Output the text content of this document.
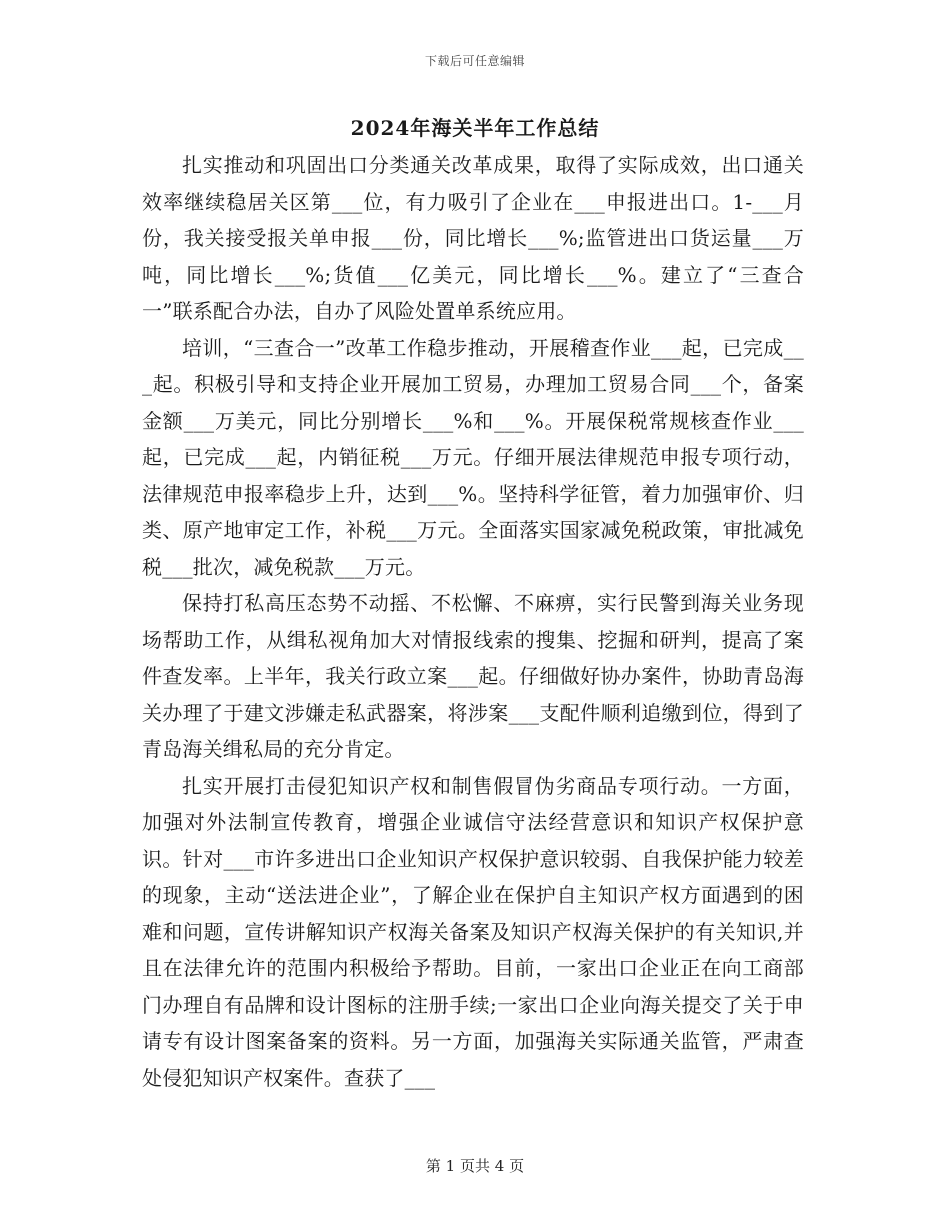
下载后可任意编辑
2024年海关半年工作总结

扎实推动和巩固出口分类通关改革成果，取得了实际成效，出口通关效率继续稳居关区第___位，有力吸引了企业在___申报进出口。1-___月份，我关接受报关单申报___份，同比增长___%;监管进出口货运量___万吨，同比增长___%;货值___亿美元，同比增长___%。建立了“三查合一”联系配合办法，自办了风险处置单系统应用。

培训，“三查合一”改革工作稳步推动，开展稽查作业___起，已完成___起。积极引导和支持企业开展加工贸易，办理加工贸易合同___个，备案金额___万美元，同比分别增长___%和___%。开展保税常规核查作业___起，已完成___起，内销征税___万元。仔细开展法律规范申报专项行动，法律规范申报率稳步上升，达到___%。坚持科学征管，着力加强审价、归类、原产地审定工作，补税___万元。全面落实国家减免税政策，审批减免税___批次，减免税款___万元。

保持打私高压态势不动摇、不松懈、不麻痹，实行民警到海关业务现场帮助工作，从缉私视角加大对情报线索的搜集、挖掘和研判，提高了案件查发率。上半年，我关行政立案___起。仔细做好协办案件，协助青岛海关办理了于建文涉嫌走私武器案，将涉案___支配件顺利追缴到位，得到了青岛海关缉私局的充分肯定。

扎实开展打击侵犯知识产权和制售假冒伪劣商品专项行动。一方面，加强对外法制宣传教育，增强企业诚信守法经营意识和知识产权保护意识。针对___市许多进出口企业知识产权保护意识较弱、自我保护能力较差的现象，主动“送法进企业”，了解企业在保护自主知识产权方面遇到的困难和问题，宣传讲解知识产权海关备案及知识产权海关保护的有关知识,并且在法律允许的范围内积极给予帮助。目前，一家出口企业正在向工商部门办理自有品牌和设计图标的注册手续;一家出口企业向海关提交了关于申请专有设计图案备案的资料。另一方面，加强海关实际通关监管，严肃查处侵犯知识产权案件。查获了___

第 1 页共 4 页
